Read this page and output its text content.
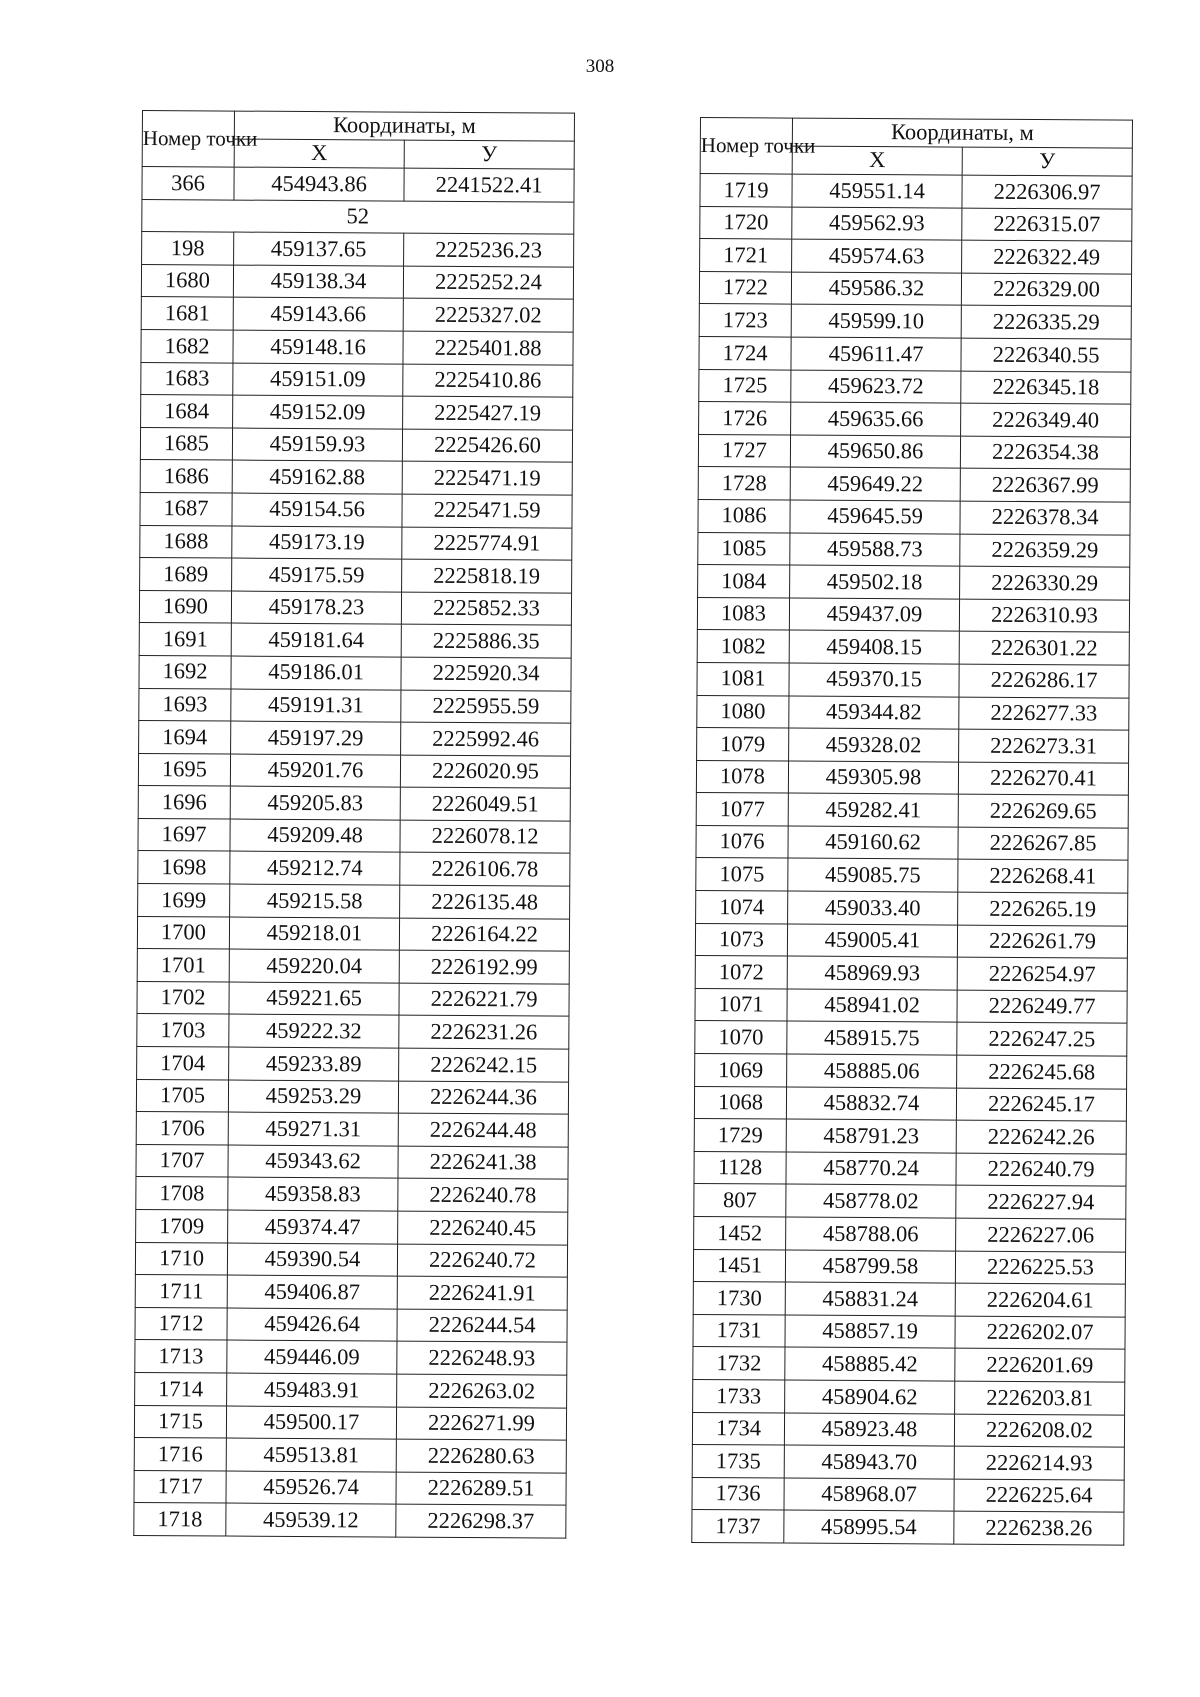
308
Номер точки	Координаты, м	
	Х	У
366	454943.86	2241522.41
52		
198	459137.65	2225236.23
1680	459138.34	2225252.24
1681	459143.66	2225327.02
1682	459148.16	2225401.88
1683	459151.09	2225410.86
1684	459152.09	2225427.19
1685	459159.93	2225426.60
1686	459162.88	2225471.19
1687	459154.56	2225471.59
1688	459173.19	2225774.91
1689	459175.59	2225818.19
1690	459178.23	2225852.33
1691	459181.64	2225886.35
1692	459186.01	2225920.34
1693	459191.31	2225955.59
1694	459197.29	2225992.46
1695	459201.76	2226020.95
1696	459205.83	2226049.51
1697	459209.48	2226078.12
1698	459212.74	2226106.78
1699	459215.58	2226135.48
1700	459218.01	2226164.22
1701	459220.04	2226192.99
1702	459221.65	2226221.79
1703	459222.32	2226231.26
1704	459233.89	2226242.15
1705	459253.29	2226244.36
1706	459271.31	2226244.48
1707	459343.62	2226241.38
1708	459358.83	2226240.78
1709	459374.47	2226240.45
1710	459390.54	2226240.72
1711	459406.87	2226241.91
1712	459426.64	2226244.54
1713	459446.09	2226248.93
1714	459483.91	2226263.02
1715	459500.17	2226271.99
1716	459513.81	2226280.63
1717	459526.74	2226289.51
1718	459539.12	2226298.37
Номер точки	Координаты, м	
	Х	У
1719	459551.14	2226306.97
1720	459562.93	2226315.07
1721	459574.63	2226322.49
1722	459586.32	2226329.00
1723	459599.10	2226335.29
1724	459611.47	2226340.55
1725	459623.72	2226345.18
1726	459635.66	2226349.40
1727	459650.86	2226354.38
1728	459649.22	2226367.99
1086	459645.59	2226378.34
1085	459588.73	2226359.29
1084	459502.18	2226330.29
1083	459437.09	2226310.93
1082	459408.15	2226301.22
1081	459370.15	2226286.17
1080	459344.82	2226277.33
1079	459328.02	2226273.31
1078	459305.98	2226270.41
1077	459282.41	2226269.65
1076	459160.62	2226267.85
1075	459085.75	2226268.41
1074	459033.40	2226265.19
1073	459005.41	2226261.79
1072	458969.93	2226254.97
1071	458941.02	2226249.77
1070	458915.75	2226247.25
1069	458885.06	2226245.68
1068	458832.74	2226245.17
1729	458791.23	2226242.26
1128	458770.24	2226240.79
807	458778.02	2226227.94
1452	458788.06	2226227.06
1451	458799.58	2226225.53
1730	458831.24	2226204.61
1731	458857.19	2226202.07
1732	458885.42	2226201.69
1733	458904.62	2226203.81
1734	458923.48	2226208.02
1735	458943.70	2226214.93
1736	458968.07	2226225.64
1737	458995.54	2226238.26
